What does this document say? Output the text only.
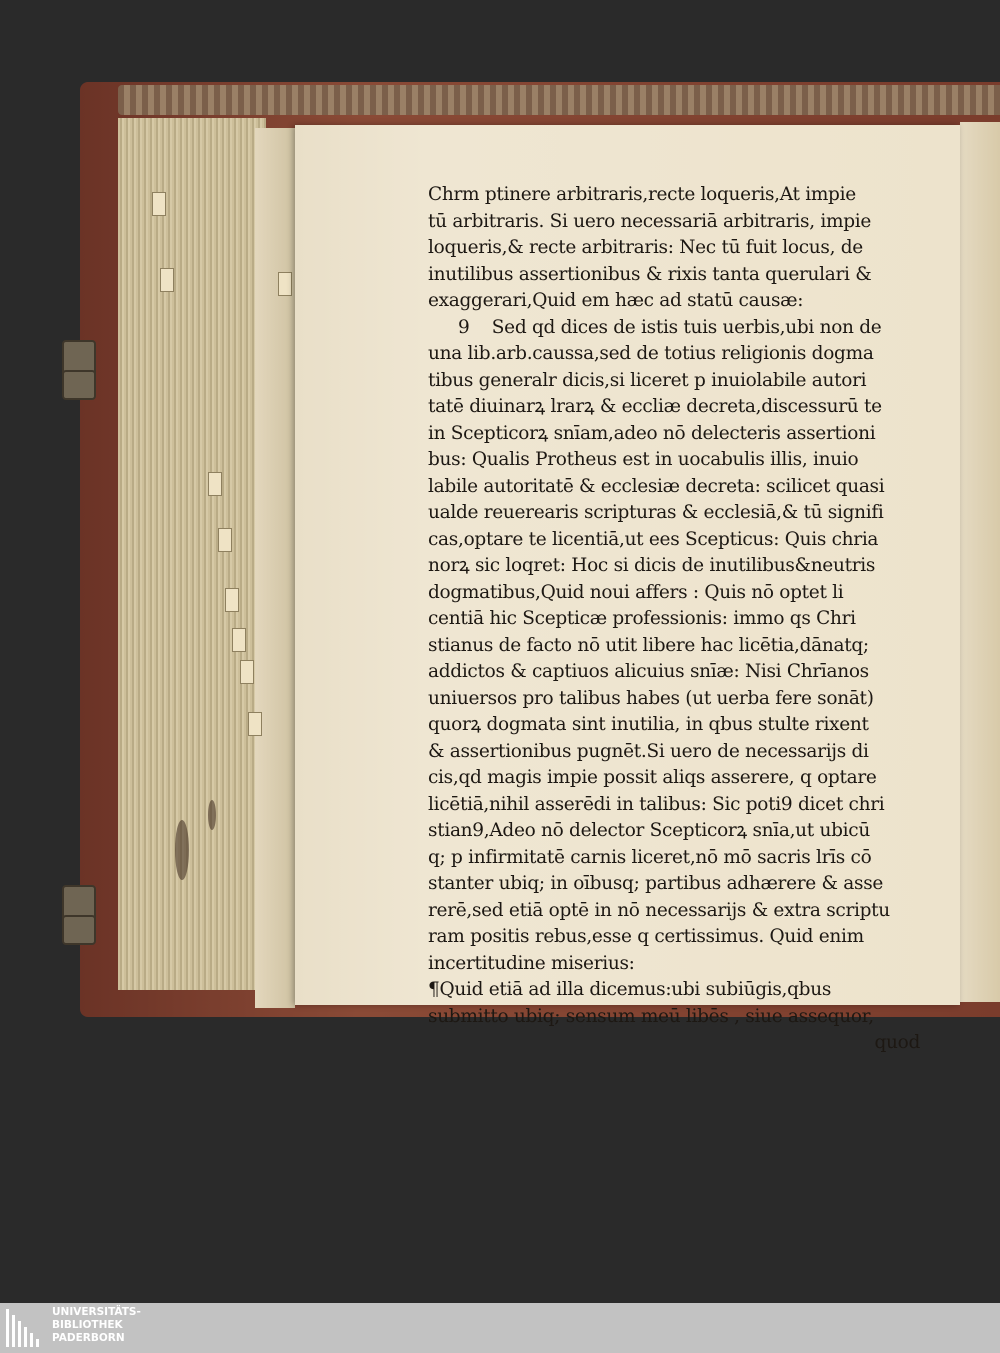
Chrm ptinere arbitraris,recte loqueris,At impie
tū arbitraris. Si uero necessariā arbitraris, impie
loqueris,& recte arbitraris: Nec tū fuit locus, de
inutilibus assertionibus & rixis tanta querulari &
exaggerari,Quid em hæc ad statū causæ:
9    Sed qd dices de istis tuis uerbis,ubi non de
una lib.arb.caussa,sed de totius religionis dogma
tibus generalr dicis,si liceret p inuiolabile autori
tatē diuinarꝝ lrarꝝ & eccliæ decreta,discessurū te
in Scepticorꝝ snīam,adeo nō delecteris assertioni
bus: Qualis Protheus est in uocabulis illis, inuio
labile autoritatē & ecclesiæ decreta: scilicet quasi
ualde reuerearis scripturas & ecclesiā,& tū signifi
cas,optare te licentiā,ut ees Scepticus: Quis chria
norꝝ sic loqret: Hoc si dicis de inutilibus&neutris
dogmatibus,Quid noui affers : Quis nō optet li
centiā hic Scepticæ professionis: immo qs Chri
stianus de facto nō utit libere hac licētia,dānatq;
addictos & captiuos alicuius snīæ: Nisi Chrīanos
uniuersos pro talibus habes (ut uerba fere sonāt)
quorꝝ dogmata sint inutilia, in qbus stulte rixent
& assertionibus pugnēt.Si uero de necessarijs di
cis,qd magis impie possit aliqs asserere, q optare
licētiā,nihil asserēdi in talibus: Sic poti9 dicet chri
stian9,Adeo nō delector Scepticorꝝ snīa,ut ubicū
q; p infirmitatē carnis liceret,nō mō sacris lrīs cō
stanter ubiq; in oībusq; partibus adhærere & asse
rerē,sed etiā optē in nō necessarijs & extra scriptu
ram positis rebus,esse q certissimus. Quid enim
incertitudine miserius:
¶Quid etiā ad illa dicemus:ubi subiūgis,qbus
submitto ubiq; sensum meū libēs , siue assequor,
quod
UNIVERSITÄTS-
BIBLIOTHEK
PADERBORN
